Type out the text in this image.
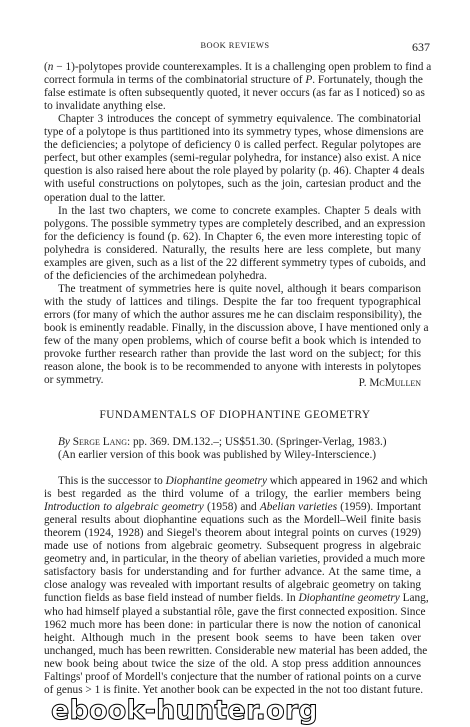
BOOK REVIEWS	637
(n − 1)-polytopes provide counterexamples. It is a challenging open problem to find a
correct formula in terms of the combinatorial structure of P. Fortunately, though the
false estimate is often subsequently quoted, it never occurs (as far as I noticed) so as
to invalidate anything else.
Chapter 3 introduces the concept of symmetry equivalence. The combinatorial
type of a polytope is thus partitioned into its symmetry types, whose dimensions are
the deficiencies; a polytope of deficiency 0 is called perfect. Regular polytopes are
perfect, but other examples (semi-regular polyhedra, for instance) also exist. A nice
question is also raised here about the role played by polarity (p. 46). Chapter 4 deals
with useful constructions on polytopes, such as the join, cartesian product and the
operation dual to the latter.
In the last two chapters, we come to concrete examples. Chapter 5 deals with
polygons. The possible symmetry types are completely described, and an expression
for the deficiency is found (p. 62). In Chapter 6, the even more interesting topic of
polyhedra is considered. Naturally, the results here are less complete, but many
examples are given, such as a list of the 22 different symmetry types of cuboids, and
of the deficiencies of the archimedean polyhedra.
The treatment of symmetries here is quite novel, although it bears comparison
with the study of lattices and tilings. Despite the far too frequent typographical
errors (for many of which the author assures me he can disclaim responsibility), the
book is eminently readable. Finally, in the discussion above, I have mentioned only a
few of the many open problems, which of course befit a book which is intended to
provoke further research rather than provide the last word on the subject; for this
reason alone, the book is to be recommended to anyone with interests in polytopes
or symmetry.	P. McMullen
FUNDAMENTALS OF DIOPHANTINE GEOMETRY
By Serge Lang: pp. 369. DM.132.–; US$51.30. (Springer-Verlag, 1983.)
(An earlier version of this book was published by Wiley-Interscience.)
This is the successor to Diophantine geometry which appeared in 1962 and which
is best regarded as the third volume of a trilogy, the earlier members being
Introduction to algebraic geometry (1958) and Abelian varieties (1959). Important
general results about diophantine equations such as the Mordell–Weil finite basis
theorem (1924, 1928) and Siegel's theorem about integral points on curves (1929)
made use of notions from algebraic geometry. Subsequent progress in algebraic
geometry and, in particular, in the theory of abelian varieties, provided a much more
satisfactory basis for understanding and for further advance. At the same time, a
close analogy was revealed with important results of algebraic geometry on taking
function fields as base field instead of number fields. In Diophantine geometry Lang,
who had himself played a substantial rôle, gave the first connected exposition. Since
1962 much more has been done: in particular there is now the notion of canonical
height. Although much in the present book seems to have been taken over
unchanged, much has been rewritten. Considerable new material has been added, the
new book being about twice the size of the old. A stop press addition announces
Faltings' proof of Mordell's conjecture that the number of rational points on a curve
of genus > 1 is finite. Yet another book can be expected in the not too distant future.
ebook-hunter.org
